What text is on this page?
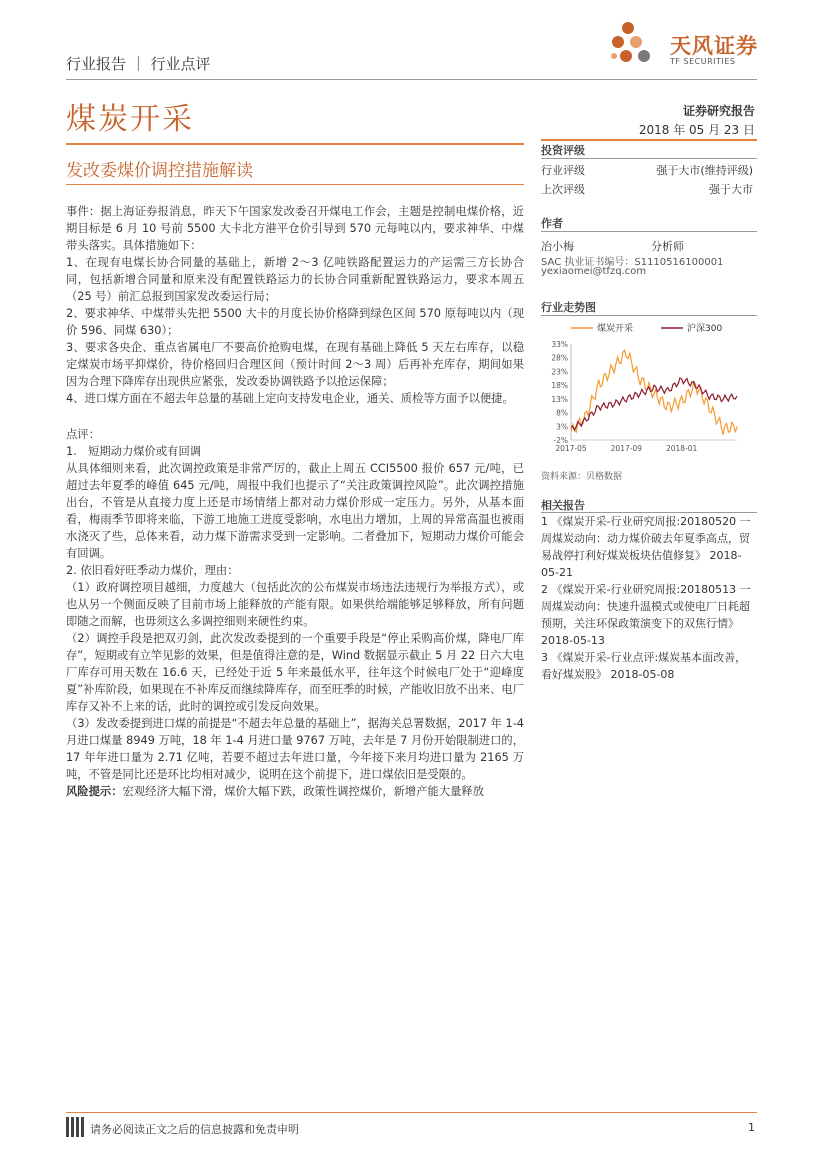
天风证券
TF SECURITIES
行业报告 ｜ 行业点评
煤炭开采	证券研究报告
2018 年 05 月 23 日
发改委煤价调控措施解读
投资评级
行业评级	强于大市(维持评级)
上次评级	强于大市
作者
冶小梅	分析师
SAC 执业证书编号：S1110516100001
yexiaomei@tfzq.com
行业走势图
煤炭开采	沪深300
33%
28%
23%
18%
13%
8%
3%
-2%
2017-05	2017-09	2018-01
资料来源：贝格数据
相关报告

1 《煤炭开采-行业研究周报:20180520 一周煤炭动向：动力煤价破去年夏季高点，贸易战停打利好煤炭板块估值修复》 2018-05-21

2 《煤炭开采-行业研究周报:20180513 一周煤炭动向：快速升温模式或使电厂日耗超预期，关注环保政策演变下的双焦行情》 2018-05-13

3 《煤炭开采-行业点评:煤炭基本面改善，看好煤炭股》 2018-05-08

事件：据上海证券报消息，昨天下午国家发改委召开煤电工作会，主题是控制电煤价格，近期目标是 6 月 10 号前 5500 大卡北方港平仓价引导到 570 元每吨以内，要求神华、中煤带头落实。具体措施如下：

1、在现有电煤长协合同量的基础上，新增 2～3 亿吨铁路配置运力的产运需三方长协合同，包括新增合同量和原来没有配置铁路运力的长协合同重新配置铁路运力，要求本周五（25 号）前汇总报到国家发改委运行局；

2、要求神华、中煤带头先把 5500 大卡的月度长协价格降到绿色区间 570 原每吨以内（现价 596、同煤 630）；

3、要求各央企、重点省属电厂不要高价抢购电煤，在现有基础上降低 5 天左右库存，以稳定煤炭市场平抑煤价，待价格回归合理区间（预计时间 2～3 周）后再补充库存，期间如果因为合理下降库存出现供应紧张，发改委协调铁路予以抢运保障；

4、进口煤方面在不超去年总量的基础上定向支持发电企业，通关、质检等方面予以便捷。

点评：

1.　短期动力煤价或有回调

从具体细则来看，此次调控政策是非常严厉的，截止上周五 CCI5500 报价 657 元/吨，已超过去年夏季的峰值 645 元/吨，周报中我们也提示了“关注政策调控风险”。此次调控措施出台，不管是从直接力度上还是市场情绪上都对动力煤价形成一定压力。另外，从基本面看，梅雨季节即将来临，下游工地施工进度受影响，水电出力增加，上周的异常高温也被雨水浇灭了些，总体来看，动力煤下游需求受到一定影响。二者叠加下，短期动力煤价可能会有回调。

2. 依旧看好旺季动力煤价，理由：

（1）政府调控项目越细，力度越大（包括此次的公布煤炭市场违法违规行为举报方式），或也从另一个侧面反映了目前市场上能释放的产能有限。如果供给端能够足够释放，所有问题即随之而解，也毋须这么多调控细则来硬性约束。

（2）调控手段是把双刃剑，此次发改委提到的一个重要手段是“停止采购高价煤，降电厂库存”，短期或有立竿见影的效果，但是值得注意的是，Wind 数据显示截止 5 月 22 日六大电厂库存可用天数在 16.6 天，已经处于近 5 年来最低水平，往年这个时候电厂处于“迎峰度夏”补库阶段，如果现在不补库反而继续降库存，而至旺季的时候，产能收旧放不出来、电厂库存又补不上来的话，此时的调控或引发反向效果。

（3）发改委提到进口煤的前提是“不超去年总量的基础上”，据海关总署数据，2017 年 1-4 月进口煤量 8949 万吨，18 年 1-4 月进口量 9767 万吨，去年是 7 月份开始限制进口的，17 年年进口量为 2.71 亿吨，若要不超过去年进口量，今年接下来月均进口量为 2165 万吨，不管是同比还是环比均相对减少，说明在这个前提下，进口煤依旧是受限的。

风险提示：宏观经济大幅下滑，煤价大幅下跌，政策性调控煤价，新增产能大量释放

请务必阅读正文之后的信息披露和免责申明	1
